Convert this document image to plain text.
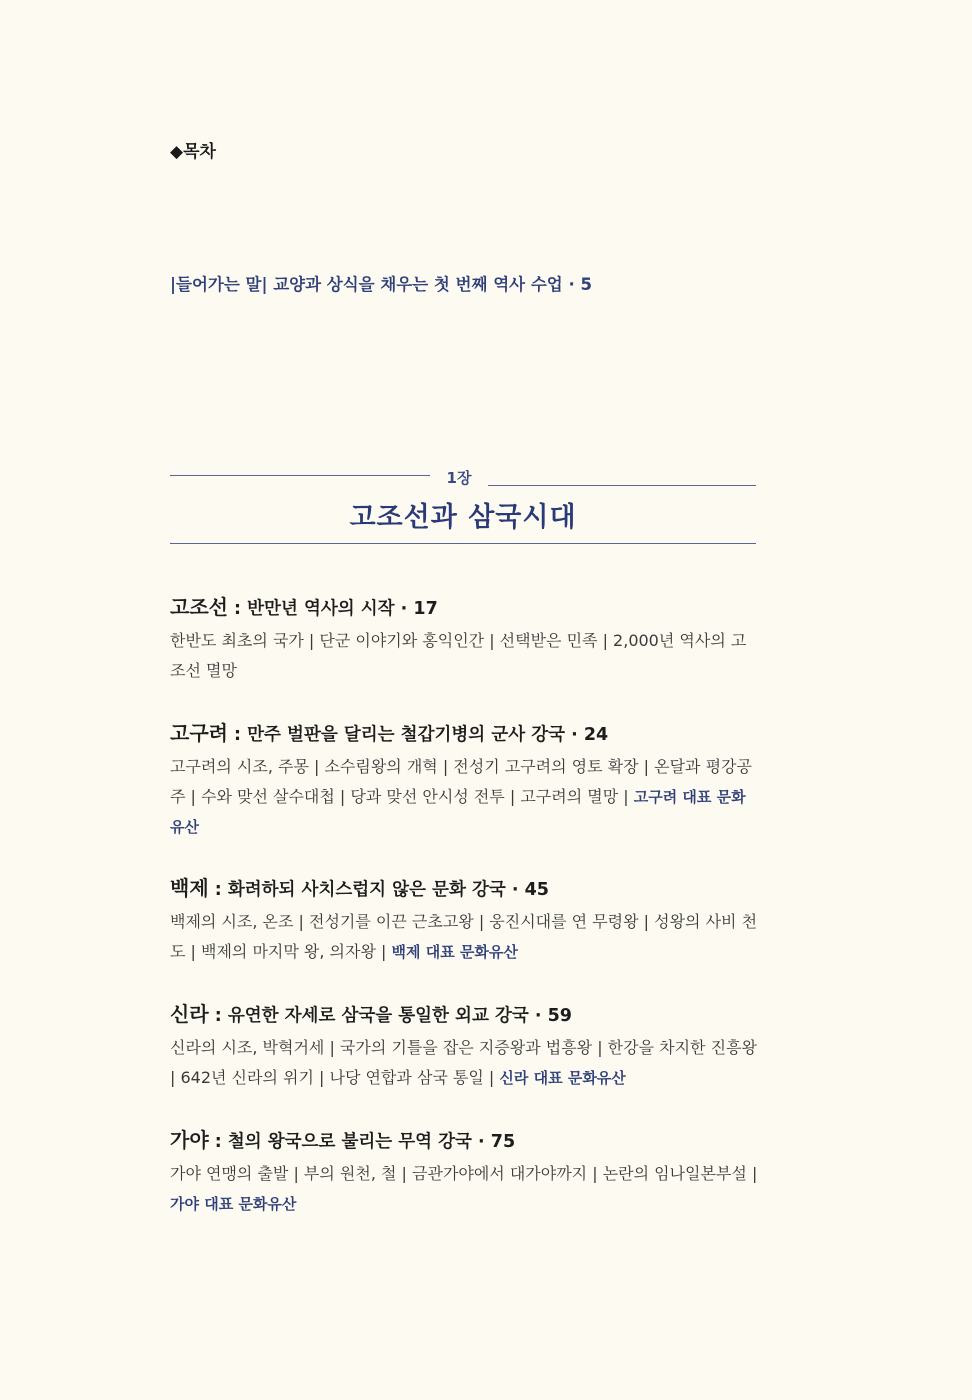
◆목차
|들어가는 말| 교양과 상식을 채우는 첫 번째 역사 수업 · 5
1장
고조선과 삼국시대
고조선 : 반만년 역사의 시작 · 17
한반도 최초의 국가 | 단군 이야기와 홍익인간 | 선택받은 민족 | 2,000년 역사의 고조선 멸망
고구려 : 만주 벌판을 달리는 철갑기병의 군사 강국 · 24
고구려의 시조, 주몽 | 소수림왕의 개혁 | 전성기 고구려의 영토 확장 | 온달과 평강공주 | 수와 맞선 살수대첩 | 당과 맞선 안시성 전투 | 고구려의 멸망 | 고구려 대표 문화유산
백제 : 화려하되 사치스럽지 않은 문화 강국 · 45
백제의 시조, 온조 | 전성기를 이끈 근초고왕 | 웅진시대를 연 무령왕 | 성왕의 사비 천도 | 백제의 마지막 왕, 의자왕 | 백제 대표 문화유산
신라 : 유연한 자세로 삼국을 통일한 외교 강국 · 59
신라의 시조, 박혁거세 | 국가의 기틀을 잡은 지증왕과 법흥왕 | 한강을 차지한 진흥왕 | 642년 신라의 위기 | 나당 연합과 삼국 통일 | 신라 대표 문화유산
가야 : 철의 왕국으로 불리는 무역 강국 · 75
가야 연맹의 출발 | 부의 원천, 철 | 금관가야에서 대가야까지 | 논란의 임나일본부설 | 가야 대표 문화유산
